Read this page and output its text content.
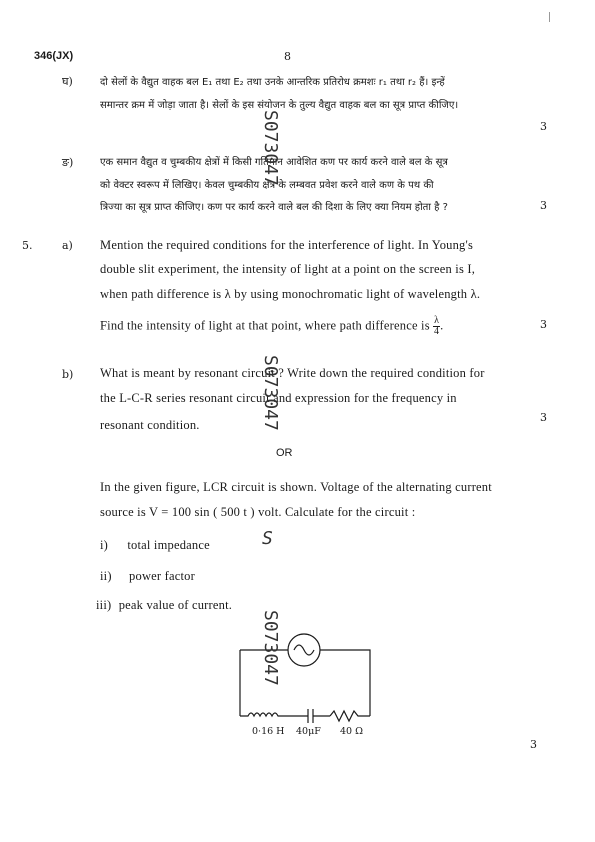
346(JX)	8
घ)	दो सेलों के वैद्युत वाहक बल E₁ तथा E₂ तथा उनके आन्तरिक प्रतिरोध क्रमशः r₁ तथा r₂ हैं। इन्हें
समान्तर क्रम में जोड़ा जाता है। सेलों के इस संयोजन के तुल्य वैद्युत वाहक बल का सूत्र प्राप्त कीजिए।
3
ङ)	एक समान वैद्युत व चुम्बकीय क्षेत्रों में किसी गतिमान आवेशित कण पर कार्य करने वाले बल के सूत्र
को वेक्टर स्वरूप में लिखिए। केवल चुम्बकीय क्षेत्र के लम्बवत प्रवेश करने वाले कण के पथ की
त्रिज्या का सूत्र प्राप्त कीजिए। कण पर कार्य करने वाले बल की दिशा के लिए क्या नियम होता है ?	3
5.	a) Mention the required conditions for the interference of light. In Young's
double slit experiment, the intensity of light at a point on the screen is I,
when path difference is λ by using monochromatic light of wavelength λ.
Find the intensity of light at that point, where path difference is $\frac{\lambda}{4}$ .	3
b) What is meant by resonant circuit ? Write down the required condition for
the L-C-R series resonant circuit and expression for the frequency in
resonant condition.
3
OR
In the given figure, LCR circuit is shown. Voltage of the alternating current
source is V = 100 sin ( 500 t ) volt. Calculate for the circuit :
i) total impedance
ii) power factor
iii) peak value of current.
0·16 H 40μF 40 Ω
3
S073047
S073047
S073047
S
